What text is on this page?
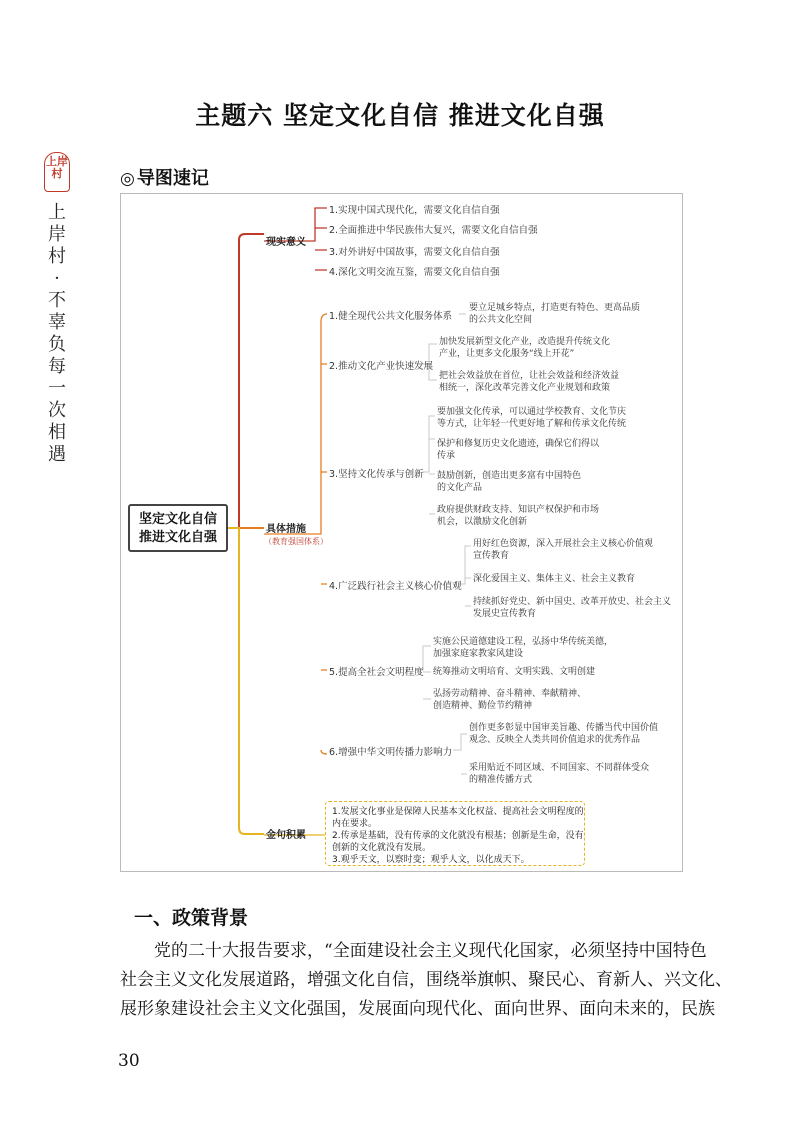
主题六 坚定文化自信 推进文化自强
上岸村
上
岸
村
·
不
辜
负
每
一
次
相
遇
◎ 导图速记
坚定文化自信
推进文化自强
现实意义
1.实现中国式现代化，需要文化自信自强
2.全面推进中华民族伟大复兴，需要文化自信自强
3.对外讲好中国故事，需要文化自信自强
4.深化文明交流互鉴，需要文化自信自强
具体措施
（教育强国体系）
1.健全现代公共文化服务体系
要立足城乡特点，打造更有特色、更高品质
的公共文化空间
2.推动文化产业快速发展
加快发展新型文化产业，改造提升传统文化
产业，让更多文化服务“线上开花”
把社会效益放在首位，让社会效益和经济效益
相统一，深化改革完善文化产业规划和政策
3.坚持文化传承与创新
要加强文化传承，可以通过学校教育、文化节庆
等方式，让年轻一代更好地了解和传承文化传统
保护和修复历史文化遗迹，确保它们得以
传承
鼓励创新，创造出更多富有中国特色
的文化产品
政府提供财政支持、知识产权保护和市场
机会，以激励文化创新
4.广泛践行社会主义核心价值观
用好红色资源，深入开展社会主义核心价值观
宣传教育
深化爱国主义、集体主义、社会主义教育
持续抓好党史、新中国史、改革开放史、社会主义
发展史宣传教育
5.提高全社会文明程度
实施公民道德建设工程，弘扬中华传统美德，
加强家庭家教家风建设
统筹推动文明培育、文明实践、文明创建
弘扬劳动精神、奋斗精神、奉献精神、
创造精神、勤俭节约精神
6.增强中华文明传播力影响力
创作更多彰显中国审美旨趣、传播当代中国价值
观念、反映全人类共同价值追求的优秀作品
采用贴近不同区域、不同国家、不同群体受众
的精准传播方式
金句积累
1.发展文化事业是保障人民基本文化权益、提高社会文明程度的
内在要求。
2.传承是基础，没有传承的文化就没有根基；创新是生命，没有
创新的文化就没有发展。
3.观乎天文，以察时变；观乎人文，以化成天下。
一、政策背景
党的二十大报告要求，“全面建设社会主义现代化国家，必须坚持中国特色
社会主义文化发展道路，增强文化自信，围绕举旗帜、聚民心、育新人、兴文化、
展形象建设社会主义文化强国，发展面向现代化、面向世界、面向未来的，民族
30
